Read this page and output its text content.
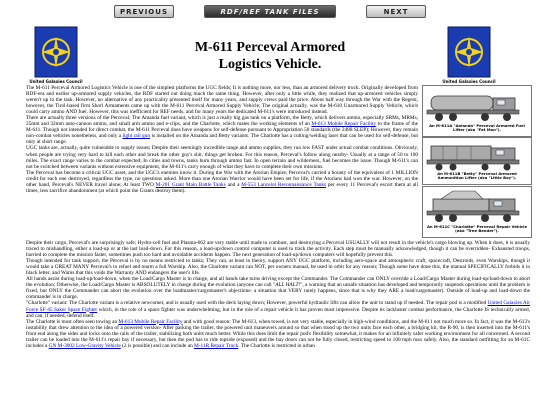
PREVIOUS	RDF/REF TANK FILES	NEXT
United Galaxies Council	United Galaxies Council
M-611 Perceval Armored
Logistics Vehicle.
An M-611A "Amanda" Perceval Armored Fuel Lifter (aka "Fat Man").
An M-611B "Betty" Perceval Armored Ammunition Lifter (aka "Little Boy").
An M-611C "Charlotte" Perceval Repair Vehicle (aka "Tree Bender").

The M-611 Perceval Armored Logistics Vehicle is one of the simplest platforms the UGC fields; It is nothing more, nor less, than an armored delivery truck. Originally developed from RDF-era and earlier up-armored supply vehicles, the RDF started out doing much the same thing. However, after only a little while, they realized that up-armored vehicles simply weren't up to the task. However, no alternative of any practicality presented itself for many years, and supply crews paid the price. About half way through the War with the Regent, however, the Tirol-based firm Shorl Armaments came up with the M-611 Perceval Armored Supply Vehicle; The original actually, was the M-610 Unarmored Supply Vehicle, which could carry ammo AND fuel. However, this was inefficient for REF needs, and for many years the dedicated M-611's were introduced instead.

There are actually three versions of the Perceval; The Amanda fuel variant, which is just a really big gas tank on a platform, the Betty, which delivers ammo, especially SRMs, MRMs, 25mm and 32mm auto-cannon ammo, and small arm ammo and e-clips, and the Charlotte, which mates the working elements of an M-613 Mobile Repair Facility to the frame of the M-611. Though not intended for direct combat, the M-611 Perceval does have weapons for self-defense pursuant to Appropriation 50 standards (the 2488 SLEP); However, they remain non-combat vehicles nonetheless, and only a light rail gun is installed on the Amanda and Betty variants. The Charlotte has a cutting/welding laser that can be used for self-defense, but only at short range.

UGC tanks are, actually, quite vulnerable to supply issues; Despite their seemingly incredible range and ammo supplies, they run low FAST under actual combat conditions. Obviously, when people are trying very hard to kill each other and break the other guy's shit, things get broken. For this reason, Perceval's follow along nearby- Usually at a range of 50 to 100 miles. The exact range varies to the combat expected; In cities and towns, tanks burn through ammo fast. In open terrain and wilderness, fuel becomes the issue. Though M-611's can not be switched between variants without extensive equipment, the M-611's carry enough of what they have to complete their own missions.

The Perceval has become a critical UGC asset, and the UGC's enemies know it. During the War with the Atorian Empire, Perceval's carried a bounty of the equivalent of 1 MILLION credit for each one destroyed, regardless the type, no questions asked. More than one Atorian Warrior would have been set for life, if the Atorians had won the war. However, on the other hand, Perceval's NEVER travel alone; At least TWO M-201 Grant Main Battle Tanks and a M-553 Lancelot Reconnaissance Tanks per every 11 Perceval's escort them at all times, less sacrifice abandonment (at which point the Grants destroy them).

Despite their cargo, Perceval's are surprisingly safe; Hydro-cell fuel and Plasma-662 are very stable until made to combust, and destroying a Perceval USUALLY will not result in the vehicle's cargo blowing up. When it does, it is usually traced to mishandling, either a load-up or at the last load-down. For this reason, a load-up/down control computer is used to track the activity. Each step must be manually acknowledged, though it can be overridden- Exhausted troops, hurried to complete the mission faster, sometimes push too hard and avoidable accidents happen. The next generation of load-up/down computers will hopefully prevent this.

Though intended for tank support, the Perceval is by no means restricted to tanks; They can, at least in theory, support ANY UGC platform, including aero-space and atmospheric craft, spacecraft, Destroids, even Warships, though it would take a GREAT MANY Perceval's to refuel and rearm a full Warship. Also, the Charlotte variant can NOT, per owners manual, be used in orbit for any reason; Though some have done this, the manual SPECIFICALLY forbids it in black letter, and Warns that this voids the Warranty AND endangers the user's life.

All hands assist during load-up/load-down, when the Load/Cargo Master is in charge, and all hands take turns driving except the Commander. The Commander can ONLY override a Load/Cargo Master during load-up/load-down to abort the evolution; Otherwise, the Load/Cargo Master is ABSOLUTELY in charge during the evolution (anyone can call "ALL HALT!", a warning that an unsafe situation has developed and temporarily suspends operations until the problem is fixed, but ONLY the Commander can abort the evolution over the loadmaster/cargomaster's objections- a situation that VERY rarely happens, since that is why they ARE a load/cargomaster). Outside of load-up and load-down the commander is in charge.

"Charlotte" variant: The Charlotte variant is a relative newcomer, and is usually used with the deck laying down; However, powerful hydraulic lifts can allow the unit to stand up if needed. The repair pod is a modified United Galaxies Air Force SF-45 Saker Space Fighter which, in the role of a space fighter was underwhelming, but in the role of a repair vehicle it has proven most impressive. Despite its lackluster combat performance, the Charlotte IS technically armed, and can, if needed, defend itself.

The Charlotte is most often seen towing an M-613 Mobile Repair Facility and with good reason: The M-613, when towed, is not very stable, especially in high-wind conditions, and the M-611 not much more so. In fact, it was the M-613's instability that drew attention to the idea of a powered version- After parking the trailer, the powered unit maneuvers around so that when stood up the two units face each other, a bridging kit, the R-90, is then inserted into the M-611's front end along the sides and locks onto the rails of the trailer, stabilizing both units much better. While this does limit the repair pod's flexibility somewhat, it makes for an infinitely safer working environment for all concerned. A second trailer can be loaded into the M-611's repair bay if necessary, but then the pod has to ride topside (exposed) and the bay doors can not be fully closed, restricting speed to 100 mph max safely. Also, the standard outfitting for an M-61C includes a GN M-3002 Low-Gravity Vehicle (2 is possible) and can include an M-11R Repair Truck. The Charlotte is restricted in urban
